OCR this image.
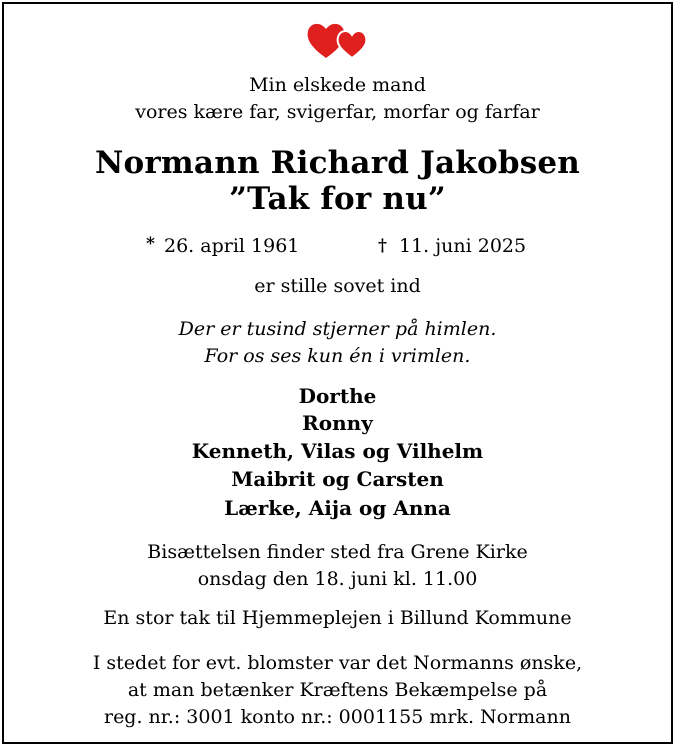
Min elskede mand
vores kære far, svigerfar, morfar og farfar
Normann Richard Jakobsen
”Tak for nu”
* 26. april 1961	† 11. juni 2025
er stille sovet ind
Der er tusind stjerner på himlen.
For os ses kun én i vrimlen.
Dorthe
Ronny
Kenneth, Vilas og Vilhelm
Maibrit og Carsten
Lærke, Aija og Anna
Bisættelsen finder sted fra Grene Kirke
onsdag den 18. juni kl. 11.00
En stor tak til Hjemmeplejen i Billund Kommune
I stedet for evt. blomster var det Normanns ønske,
at man betænker Kræftens Bekæmpelse på
reg. nr.: 3001 konto nr.: 0001155 mrk. Normann
